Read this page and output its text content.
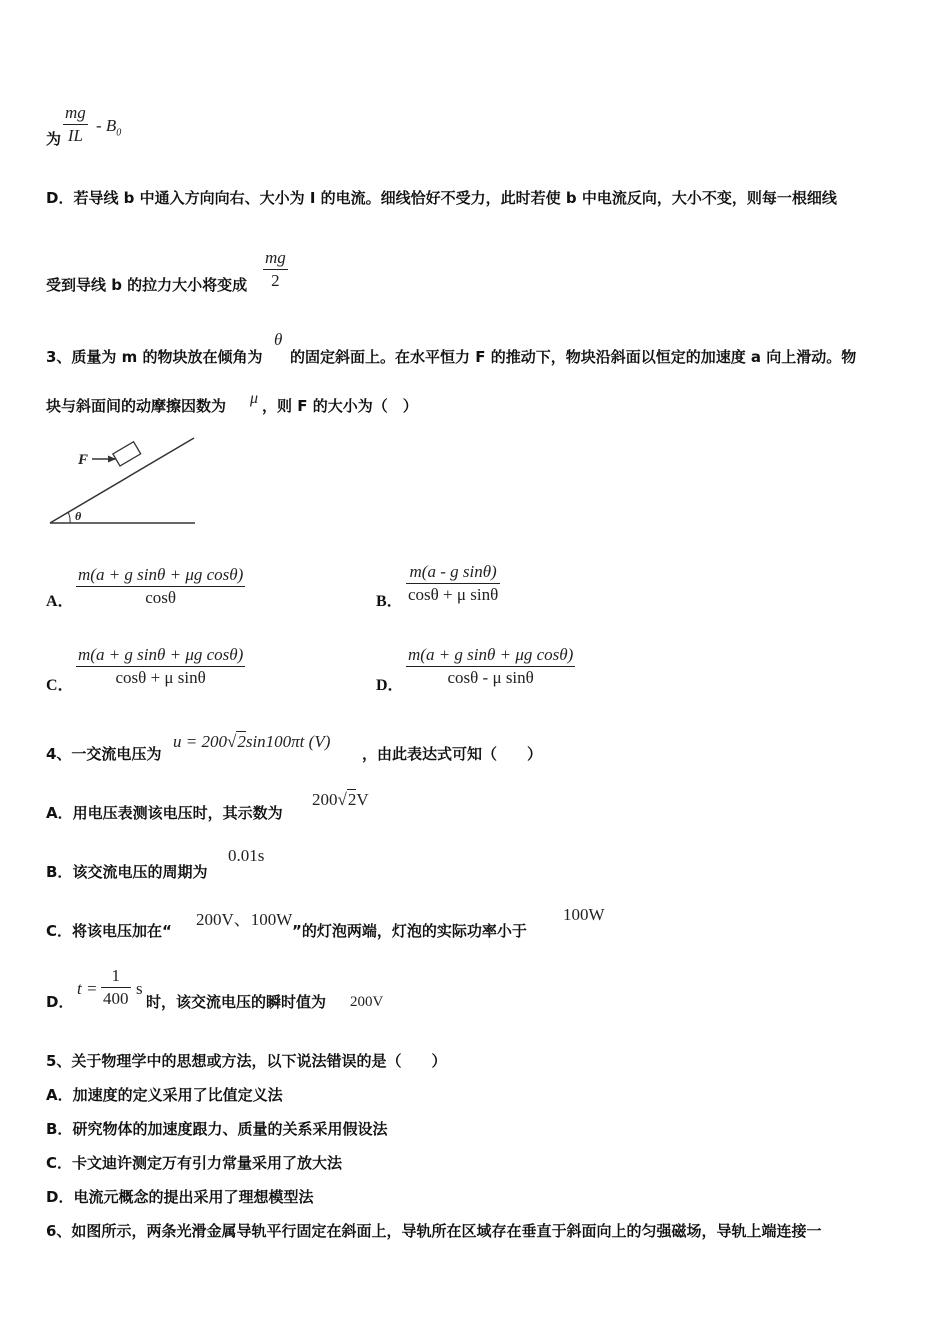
为 $\frac{mg}{IL} - B_0$
D．若导线 b 中通入方向向右、大小为 I 的电流。细线恰好不受力，此时若使 b 中电流反向，大小不变，则每一根细线
受到导线 b 的拉力大小将变成 $\frac{mg}{2}$
3、质量为 m 的物块放在倾角为
θ
的固定斜面上。在水平恒力 F 的推动下，物块沿斜面以恒定的加速度 a 向上滑动。物
块与斜面间的动摩擦因数为 μ ，则 F 的大小为（　）
F
θ
A． $\frac{\text{m(a + g sinθ + μg cosθ)}}{\cos\theta}$	B． $\frac{\text{m(a - g sinθ)}}{\text{cosθ + μ sinθ}}$
C． $\frac{\text{m(a + g sinθ + μg cosθ)}}{\text{cosθ + μ sinθ}}$	D． $\frac{\text{m(a + g sinθ + μg cosθ)}}{\text{cosθ - μ sinθ}}$
4、一交流电压为
u = 200√2sin100πt (V)
，由此表达式可知（　　）
A．用电压表测该电压时，其示数为
200√2V
B．该交流电压的周期为
0.01s
C．将该电压加在“
200V、100W
”的灯泡两端，灯泡的实际功率小于
100W
D．
$t = \frac{1}{400}$ s
时，该交流电压的瞬时值为 200V
5、关于物理学中的思想或方法，以下说法错误的是（　　）
A．加速度的定义采用了比值定义法
B．研究物体的加速度跟力、质量的关系采用假设法
C．卡文迪许测定万有引力常量采用了放大法
D．电流元概念的提出采用了理想模型法
6、如图所示，两条光滑金属导轨平行固定在斜面上，导轨所在区域存在垂直于斜面向上的匀强磁场，导轨上端连接一
